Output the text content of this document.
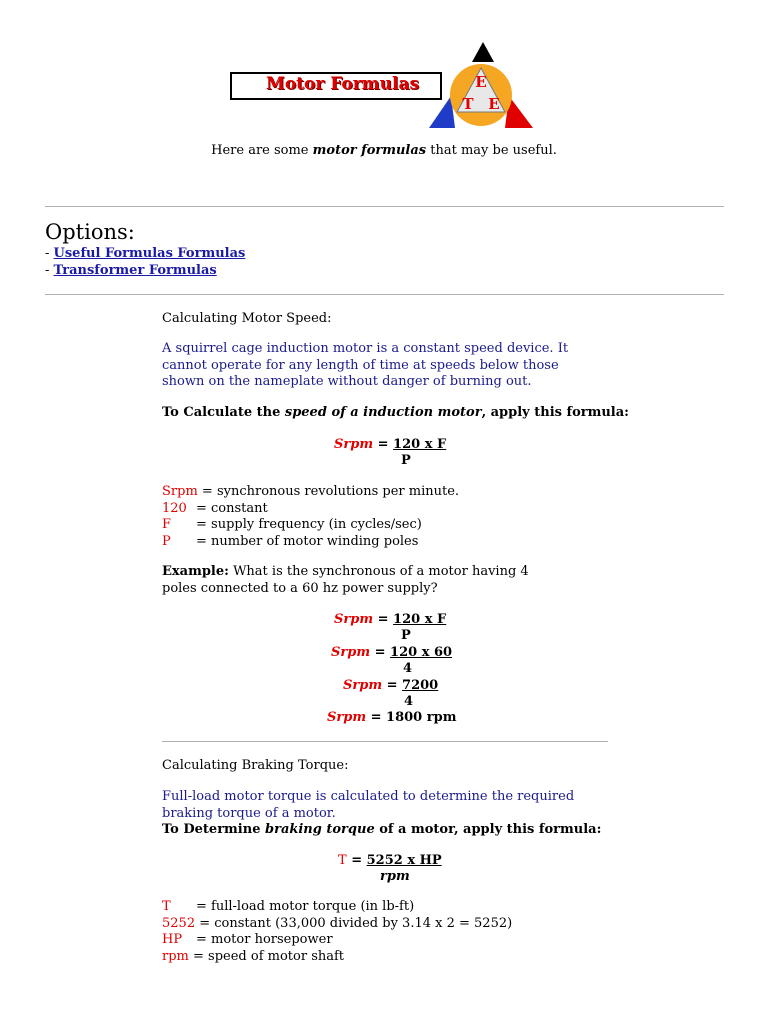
Motor Formulas	E
T E
Here are some motor formulas that may be useful.
Options:
- Useful Formulas Formulas
- Transformer Formulas
Calculating Motor Speed:
A squirrel cage induction motor is a constant speed device. It cannot operate for any length of time at speeds below those shown on the nameplate without danger of burning out.
To Calculate the speed of a induction motor, apply this formula:
Srpm = 120 x F
P
Srpm = synchronous revolutions per minute.
120 = constant
F = supply frequency (in cycles/sec)
P = number of motor winding poles
Example: What is the synchronous of a motor having 4 poles connected to a 60 hz power supply?
Srpm = 120 x F
P
Srpm = 120 x 60
4
Srpm = 7200
4
Srpm = 1800 rpm
Calculating Braking Torque:
Full-load motor torque is calculated to determine the required braking torque of a motor.
To Determine braking torque of a motor, apply this formula:
T = 5252 x HP
rpm
T = full-load motor torque (in lb-ft)
5252 = constant (33,000 divided by 3.14 x 2 = 5252)
HP = motor horsepower
rpm = speed of motor shaft
